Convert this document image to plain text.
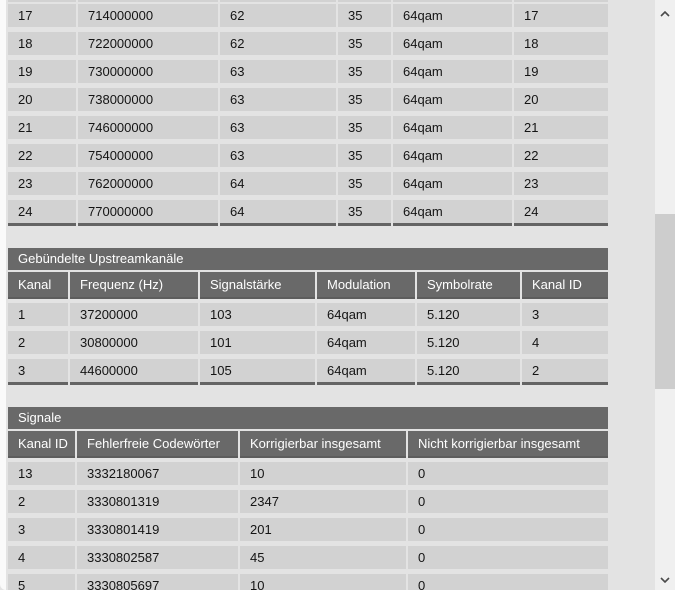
17	714000000	62	35	64qam	17
18	722000000	62	35	64qam	18
19	730000000	63	35	64qam	19
20	738000000	63	35	64qam	20
21	746000000	63	35	64qam	21
22	754000000	63	35	64qam	22
23	762000000	64	35	64qam	23
24	770000000	64	35	64qam	24
Gebündelte Upstreamkanäle
Kanal	Frequenz (Hz)	Signalstärke	Modulation	Symbolrate	Kanal ID
1	37200000	103	64qam	5.120	3
2	30800000	101	64qam	5.120	4
3	44600000	105	64qam	5.120	2
Signale
Kanal ID	Fehlerfreie Codewörter	Korrigierbar insgesamt	Nicht korrigierbar insgesamt
13	3332180067	10	0
2	3330801319	2347	0
3	3330801419	201	0
4	3330802587	45	0
5	3330805697	10	0
